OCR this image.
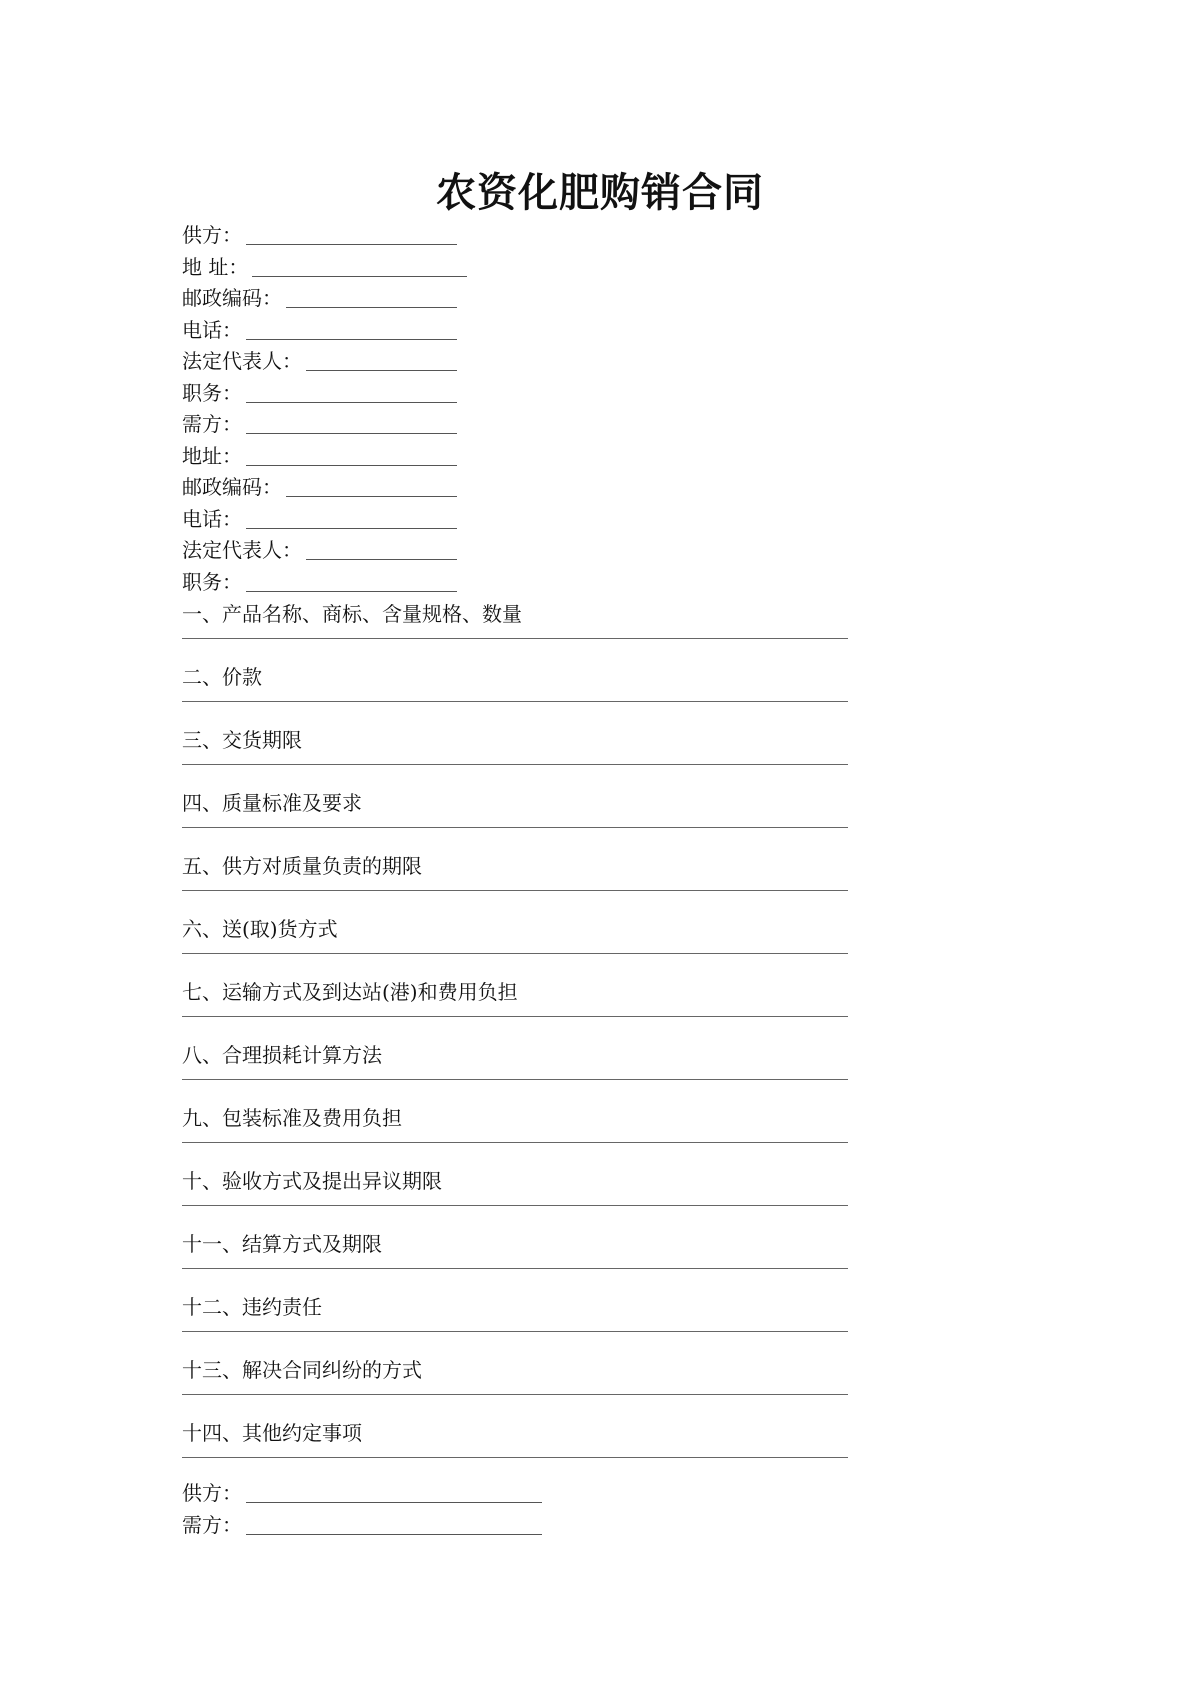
农资化肥购销合同
供方：
地 址：
邮政编码：
电话：
法定代表人：
职务：
需方：
地址：
邮政编码：
电话：
法定代表人：
职务：
一、产品名称、商标、含量规格、数量
二、价款
三、交货期限
四、质量标准及要求
五、供方对质量负责的期限
六、送(取)货方式
七、运输方式及到达站(港)和费用负担
八、合理损耗计算方法
九、包装标准及费用负担
十、验收方式及提出异议期限
十一、结算方式及期限
十二、违约责任
十三、解决合同纠纷的方式
十四、其他约定事项
供方：
需方：
